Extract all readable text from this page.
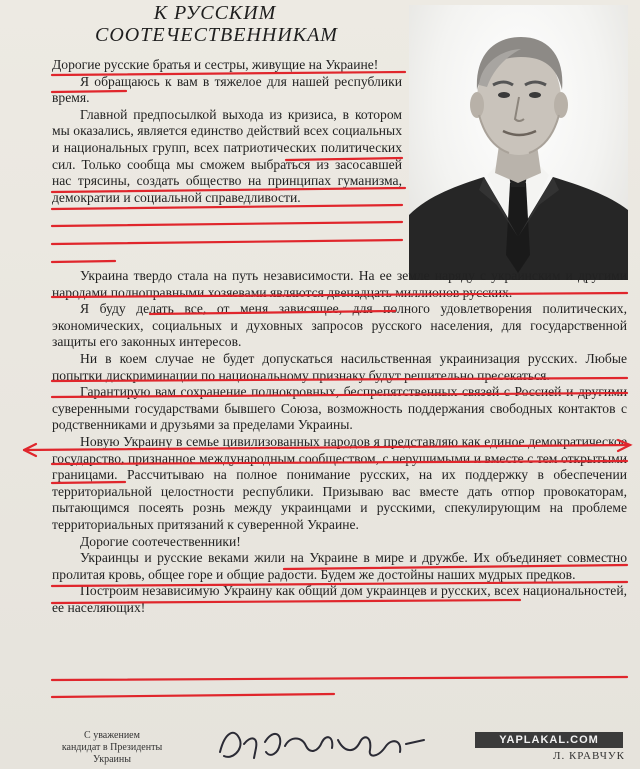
К РУССКИМ
СООТЕЧЕСТВЕННИКАМ

Дорогие русские братья и сестры, живущие на Украине!

Я обращаюсь к вам в тяжелое для нашей республики время.

Главной предпосылкой выхода из кризиса, в котором мы оказались, является единство действий всех социальных и национальных групп, всех патриотических политических сил. Только сообща мы сможем выбраться из засосавшей нас трясины, создать общество на принципах гуманизма, демократии и социальной справедливости.

Украина твердо стала на путь независимости. На ее земле наряду с украинским и другими народами полноправными хозяевами являются двенадцать миллионов русских.

Я буду делать все, от меня зависящее, для полного удовлетворения политических, экономических, социальных и духовных запросов русского населения, для государственной защиты его законных интересов.

Ни в коем случае не будет допускаться насильственная украинизация русских. Любые попытки дискриминации по национальному признаку будут решительно пресекаться.

Гарантирую вам сохранение полнокровных, беспрепятственных связей с Россией и другими суверенными государствами бывшего Союза, возможность поддержания свободных контактов с родственниками и друзьями за пределами Украины.

Новую Украину в семье цивилизованных народов я представляю как единое демократическое государство, признанное международным сообществом, с нерушимыми и вместе с тем открытыми границами. Рассчитываю на полное понимание русских, на их поддержку в обеспечении территориальной целостности республики. Призываю вас вместе дать отпор провокаторам, пытающимся посеять рознь между украинцами и русскими, спекулирующим на проблеме территориальных притязаний к суверенной Украине.

Дорогие соотечественники!

Украинцы и русские веками жили на Украине в мире и дружбе. Их объединяет совместно пролитая кровь, общее горе и общие радости. Будем же достойны наших мудрых предков.

Построим независимую Украину как общий дом украинцев и русских, всех национальностей, ее населяющих!

С уважением
кандидат в Президенты
Украины
YAPLAKAL.COM
Л. КРАВЧУК
